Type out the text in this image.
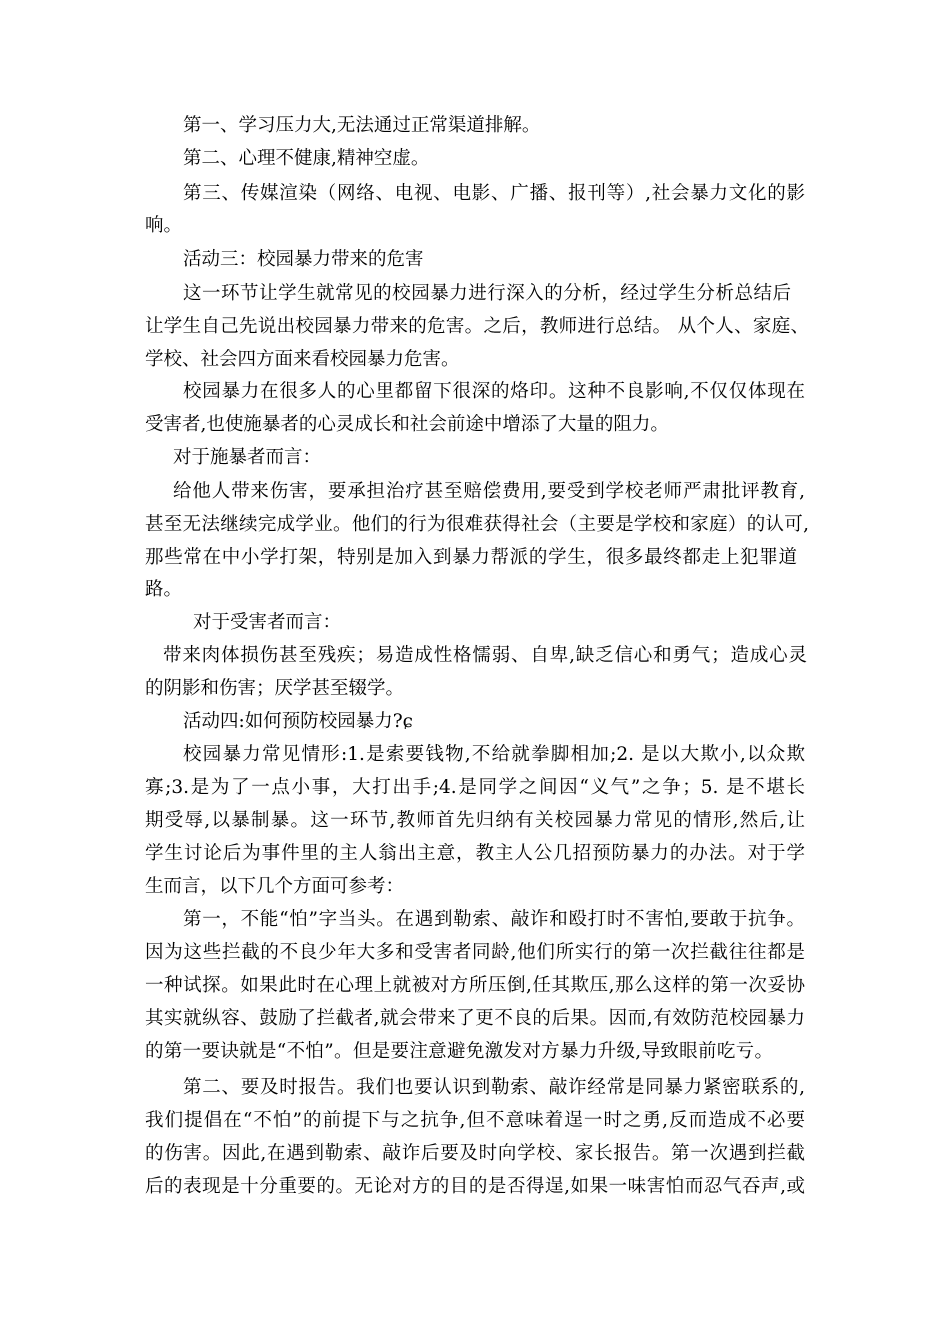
第一、学习压力大,无法通过正常渠道排解。
第二、心理不健康,精神空虚。
第三、传媒渲染（网络、电视、电影、广播、报刊等）,社会暴力文化的影
响。
活动三：校园暴力带来的危害
这一环节让学生就常见的校园暴力进行深入的分析，经过学生分析总结后
让学生自己先说出校园暴力带来的危害。之后，教师进行总结。 从个人、家庭、
学校、社会四方面来看校园暴力危害。
校园暴力在很多人的心里都留下很深的烙印。这种不良影响,不仅仅体现在
受害者,也使施暴者的心灵成长和社会前途中增添了大量的阻力。
对于施暴者而言：
给他人带来伤害，要承担治疗甚至赔偿费用,要受到学校老师严肃批评教育,
甚至无法继续完成学业。他们的行为很难获得社会（主要是学校和家庭）的认可,
那些常在中小学打架，特别是加入到暴力帮派的学生，很多最终都走上犯罪道
路。
对于受害者而言：
带来肉体损伤甚至残疾；易造成性格懦弱、自卑,缺乏信心和勇气；造成心灵
的阴影和伤害；厌学甚至辍学。
活动四:如何预防校园暴力?ɕ
校园暴力常见情形:1.是索要钱物,不给就拳脚相加;2. 是以大欺小,以众欺
寡;3.是为了一点小事，大打出手;4.是同学之间因“义气”之争；5. 是不堪长
期受辱,以暴制暴。这一环节,教师首先归纳有关校园暴力常见的情形,然后,让
学生讨论后为事件里的主人翁出主意，教主人公几招预防暴力的办法。对于学
生而言，以下几个方面可参考：
第一，不能“怕”字当头。在遇到勒索、敲诈和殴打时不害怕,要敢于抗争。
因为这些拦截的不良少年大多和受害者同龄,他们所实行的第一次拦截往往都是
一种试探。如果此时在心理上就被对方所压倒,任其欺压,那么这样的第一次妥协
其实就纵容、鼓励了拦截者,就会带来了更不良的后果。因而,有效防范校园暴力
的第一要诀就是“不怕”。但是要注意避免激发对方暴力升级,导致眼前吃亏。
第二、要及时报告。我们也要认识到勒索、敲诈经常是同暴力紧密联系的,
我们提倡在“不怕”的前提下与之抗争,但不意味着逞一时之勇,反而造成不必要
的伤害。因此,在遇到勒索、敲诈后要及时向学校、家长报告。第一次遇到拦截
后的表现是十分重要的。无论对方的目的是否得逞,如果一味害怕而忍气吞声,或
